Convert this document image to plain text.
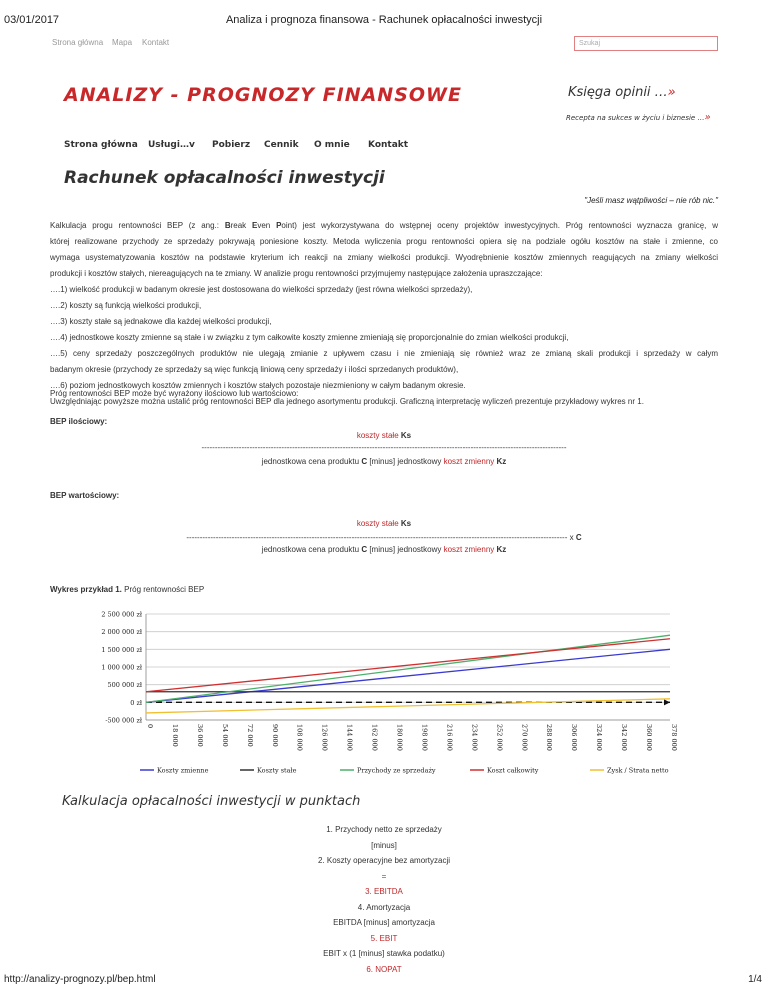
03/01/2017	Analiza i prognoza finansowa - Rachunek opłacalności inwestycji
Strona główna Mapa Kontakt	Szukaj
ANALIZY - PROGNOZY FINANSOWE	Księga opinii …»
Recepta na sukces w życiu i biznesie …»
Strona główna Usługi…v Pobierz Cennik O mnie Kontakt
Rachunek opłacalności inwestycji
"Jeśli masz wątpliwości – nie rób nic."
Kalkulacja progu rentowności BEP (z ang.: Break Even Point) jest wykorzystywana do wstępnej oceny projektów inwestycyjnych. Próg rentowności wyznacza granicę, w
której realizowane przychody ze sprzedaży pokrywają poniesione koszty. Metoda wyliczenia progu rentowności opiera się na podziale ogółu kosztów na stałe i zmienne, co
wymaga usystematyzowania kosztów na podstawie kryterium ich reakcji na zmiany wielkości produkcji. Wyodrębnienie kosztów zmiennych reagujących na zmiany wielkości
produkcji i kosztów stałych, niereagujących na te zmiany. W analizie progu rentowności przyjmujemy następujące założenia upraszczające:
….1) wielkość produkcji w badanym okresie jest dostosowana do wielkości sprzedaży (jest równa wielkości sprzedaży),
….2) koszty są funkcją wielkości produkcji,
….3) koszty stałe są jednakowe dla każdej wielkości produkcji,
….4) jednostkowe koszty zmienne są stałe i w związku z tym całkowite koszty zmienne zmieniają się proporcjonalnie do zmian wielkości produkcji,
….5) ceny sprzedaży poszczególnych produktów nie ulegają zmianie z upływem czasu i nie zmieniają się również wraz ze zmianą skali produkcji i sprzedaży w całym
badanym okresie (przychody ze sprzedaży są więc funkcją liniową ceny sprzedaży i ilości sprzedanych produktów),
….6) poziom jednostkowych kosztów zmiennych i kosztów stałych pozostaje niezmieniony w całym badanym okresie.
Uwzględniając powyższe można ustalić próg rentowności BEP dla jednego asortymentu produkcji. Graficzną interpretację wyliczeń prezentuje przykładowy wykres nr 1.
Próg rentowności BEP może być wyrażony ilościowo lub wartościowo:
BEP ilościowy:
koszty stałe Ks
-----------------------------------------------------------------------------------------------------------------------------------------
jednostkowa cena produktu C [minus] jednostkowy koszt zmienny Kz
BEP wartościowy:
koszty stałe Ks
----------------------------------------------------------------------------------------------------------------------------------------------- x C
jednostkowa cena produktu C [minus] jednostkowy koszt zmienny Kz
Wykres przykład 1. Próg rentowności BEP
-500 000 zł
0 zł
500 000 zł
1 000 000 zł
1 500 000 zł
2 000 000 zł
2 500 000 zł
0	18 000	36 000	54 000	72 000	90 000	108 000	126 000	144 000	162 000	180 000	198 000	216 000	234 000	252 000	270 000	288 000	306 000	324 000	342 000	360 000	378 000
Koszty zmienne	Koszty stałe	Przychody ze sprzedaży	Koszt całkowity	Zysk / Strata netto
Kalkulacja opłacalności inwestycji w punktach
1. Przychody netto ze sprzedaży
[minus]
2. Koszty operacyjne bez amortyzacji
=
3. EBITDA
4. Amortyzacja
EBITDA [minus] amortyzacja
5. EBIT
EBIT x (1 [minus] stawka podatku)
6. NOPAT
http://analizy-prognozy.pl/bep.html	1/4
